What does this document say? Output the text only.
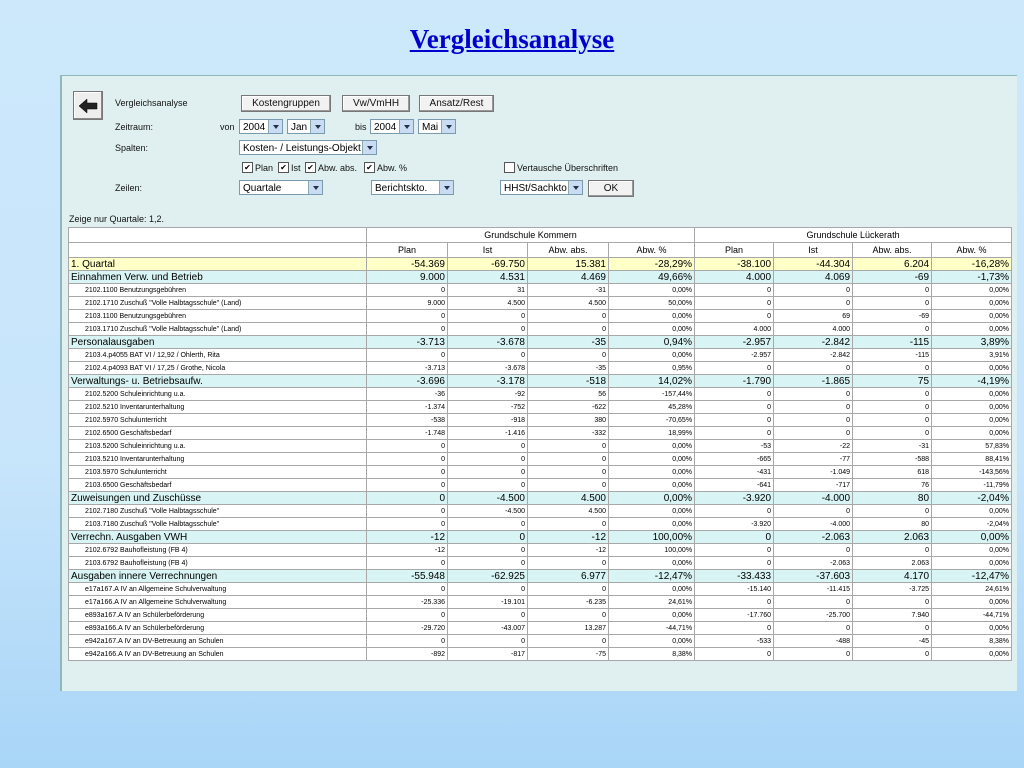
Vergleichsanalyse
Vergleichsanalyse	Kostengruppen	Vw/VmHH	Ansatz/Rest
Zeitraum:	von 2004	Jan	bis 2004	Mai
Spalten:	Kosten- / Leistungs-Objekt
✔ Plan ✔ Ist ✔ Abw. abs. ✔ Abw. %	Vertausche Überschriften
Zeilen:	Quartale	Berichtskto.	HHSt/Sachkto	OK
Zeige nur Quartale: 1,2.
	Grundschule Kommern				Grundschule Lückerath			
	Plan	Ist	Abw. abs.	Abw. %	Plan	Ist	Abw. abs.	Abw. %
1. Quartal	-54.369	-69.750	15.381	-28,29%	-38.100	-44.304	6.204	-16,28%
Einnahmen Verw. und Betrieb	9.000	4.531	4.469	49,66%	4.000	4.069	-69	-1,73%
2102.1100 Benutzungsgebühren	0	31	-31	0,00%	0	0	0	0,00%
2102.1710 Zuschuß "Volle Halbtagsschule" (Land)	9.000	4.500	4.500	50,00%	0	0	0	0,00%
2103.1100 Benutzungsgebühren	0	0	0	0,00%	0	69	-69	0,00%
2103.1710 Zuschuß "Volle Halbtagsschule" (Land)	0	0	0	0,00%	4.000	4.000	0	0,00%
Personalausgaben	-3.713	-3.678	-35	0,94%	-2.957	-2.842	-115	3,89%
2103.4.p4055 BAT VI / 12,92 / Ohlerth, Rita	0	0	0	0,00%	-2.957	-2.842	-115	3,91%
2102.4.p4093 BAT VI / 17,25 / Grothe, Nicola	-3.713	-3.678	-35	0,95%	0	0	0	0,00%
Verwaltungs- u. Betriebsaufw.	-3.696	-3.178	-518	14,02%	-1.790	-1.865	75	-4,19%
2102.5200 Schuleinrichtung u.a.	-36	-92	56	-157,44%	0	0	0	0,00%
2102.5210 Inventarunterhaltung	-1.374	-752	-622	45,28%	0	0	0	0,00%
2102.5970 Schulunterricht	-538	-918	380	-70,65%	0	0	0	0,00%
2102.6500 Geschäftsbedarf	-1.748	-1.416	-332	18,99%	0	0	0	0,00%
2103.5200 Schuleinrichtung u.a.	0	0	0	0,00%	-53	-22	-31	57,83%
2103.5210 Inventarunterhaltung	0	0	0	0,00%	-665	-77	-588	88,41%
2103.5970 Schulunterricht	0	0	0	0,00%	-431	-1.049	618	-143,56%
2103.6500 Geschäftsbedarf	0	0	0	0,00%	-641	-717	76	-11,79%
Zuweisungen und Zuschüsse	0	-4.500	4.500	0,00%	-3.920	-4.000	80	-2,04%
2102.7180 Zuschuß "Volle Halbtagsschule"	0	-4.500	4.500	0,00%	0	0	0	0,00%
2103.7180 Zuschuß "Volle Halbtagsschule"	0	0	0	0,00%	-3.920	-4.000	80	-2,04%
Verrechn. Ausgaben VWH	-12	0	-12	100,00%	0	-2.063	2.063	0,00%
2102.6792 Bauhofleistung (FB 4)	-12	0	-12	100,00%	0	0	0	0,00%
2103.6792 Bauhofleistung (FB 4)	0	0	0	0,00%	0	-2.063	2.063	0,00%
Ausgaben innere Verrechnungen	-55.948	-62.925	6.977	-12,47%	-33.433	-37.603	4.170	-12,47%
e17a167.A IV an Allgemeine Schulverwaltung	0	0	0	0,00%	-15.140	-11.415	-3.725	24,61%
e17a166.A IV an Allgemeine Schulverwaltung	-25.336	-19.101	-6.235	24,61%	0	0	0	0,00%
e893a167.A IV an Schülerbeförderung	0	0	0	0,00%	-17.760	-25.700	7.940	-44,71%
e893a166.A IV an Schülerbeförderung	-29.720	-43.007	13.287	-44,71%	0	0	0	0,00%
e942a167.A IV an DV-Betreuung an Schulen	0	0	0	0,00%	-533	-488	-45	8,38%
e942a166.A IV an DV-Betreuung an Schulen	-892	-817	-75	8,38%	0	0	0	0,00%
